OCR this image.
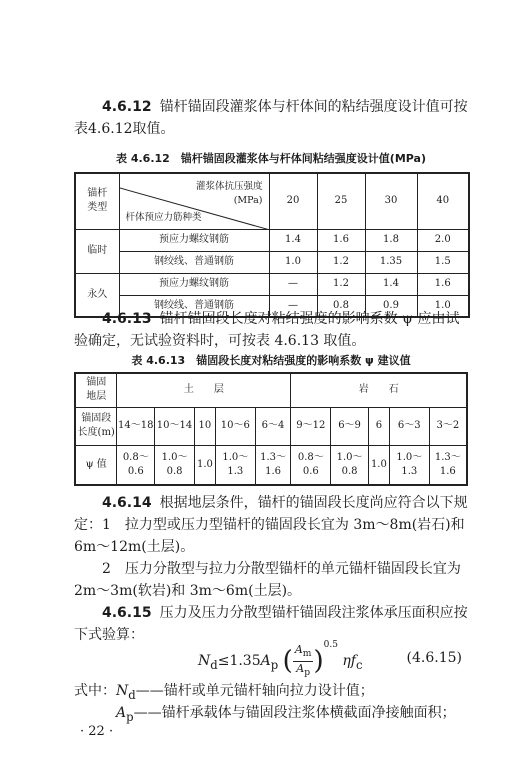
4.6.12 锚杆锚固段灌浆体与杆体间的粘结强度设计值可按表4.6.12取值。

表 4.6.12　锚杆锚固段灌浆体与杆体间粘结强度设计值(MPa)
锚杆
类型	灌浆体抗压强度
(MPa)
杆体预应力筋种类	20	25	30	40
临时	预应力螺纹钢筋	1.4	1.6	1.8	2.0
	钢绞线、普通钢筋	1.0	1.2	1.35	1.5
永久	预应力螺纹钢筋	—	1.2	1.4	1.6
	钢绞线、普通钢筋	—	0.8	0.9	1.0

4.6.13 锚杆锚固段长度对粘结强度的影响系数 ψ 应由试验确定，无试验资料时，可按表 4.6.13 取值。

表 4.6.13　锚固段长度对粘结强度的影响系数 ψ 建议值
锚固
地层	土　　层					岩　　石				
锚固段
长度(m)	14～18	10～14	10	10～6	6～4	9～12	6～9	6	6～3	3～2
ψ 值	0.8～
0.6	1.0～
0.8	1.0	1.0～
1.3	1.3～
1.6	0.8～
0.6	1.0～
0.8	1.0	1.0～
1.3	1.3～
1.6

4.6.14 根据地层条件，锚杆的锚固段长度尚应符合以下规定： 1　拉力型或压力型锚杆的锚固段长宜为 3m～8m(岩石)和6m～12m(土层)。

2　压力分散型与拉力分散型锚杆的单元锚杆锚固段长宜为2m～3m(软岩)和 3m～6m(土层)。

4.6.15 压力及压力分散型锚杆锚固段注浆体承压面积应按下式验算：

$N_d\le 1.35A_p$ ( $\frac{A_m}{A_p})^{0.5}$ $\eta f_c$	(4.6.15)
式中：$N_d——$锚杆或单元锚杆轴向拉力设计值；
$A_p——$锚杆承载体与锚固段注浆体横截面净接触面积；
· 22 ·
